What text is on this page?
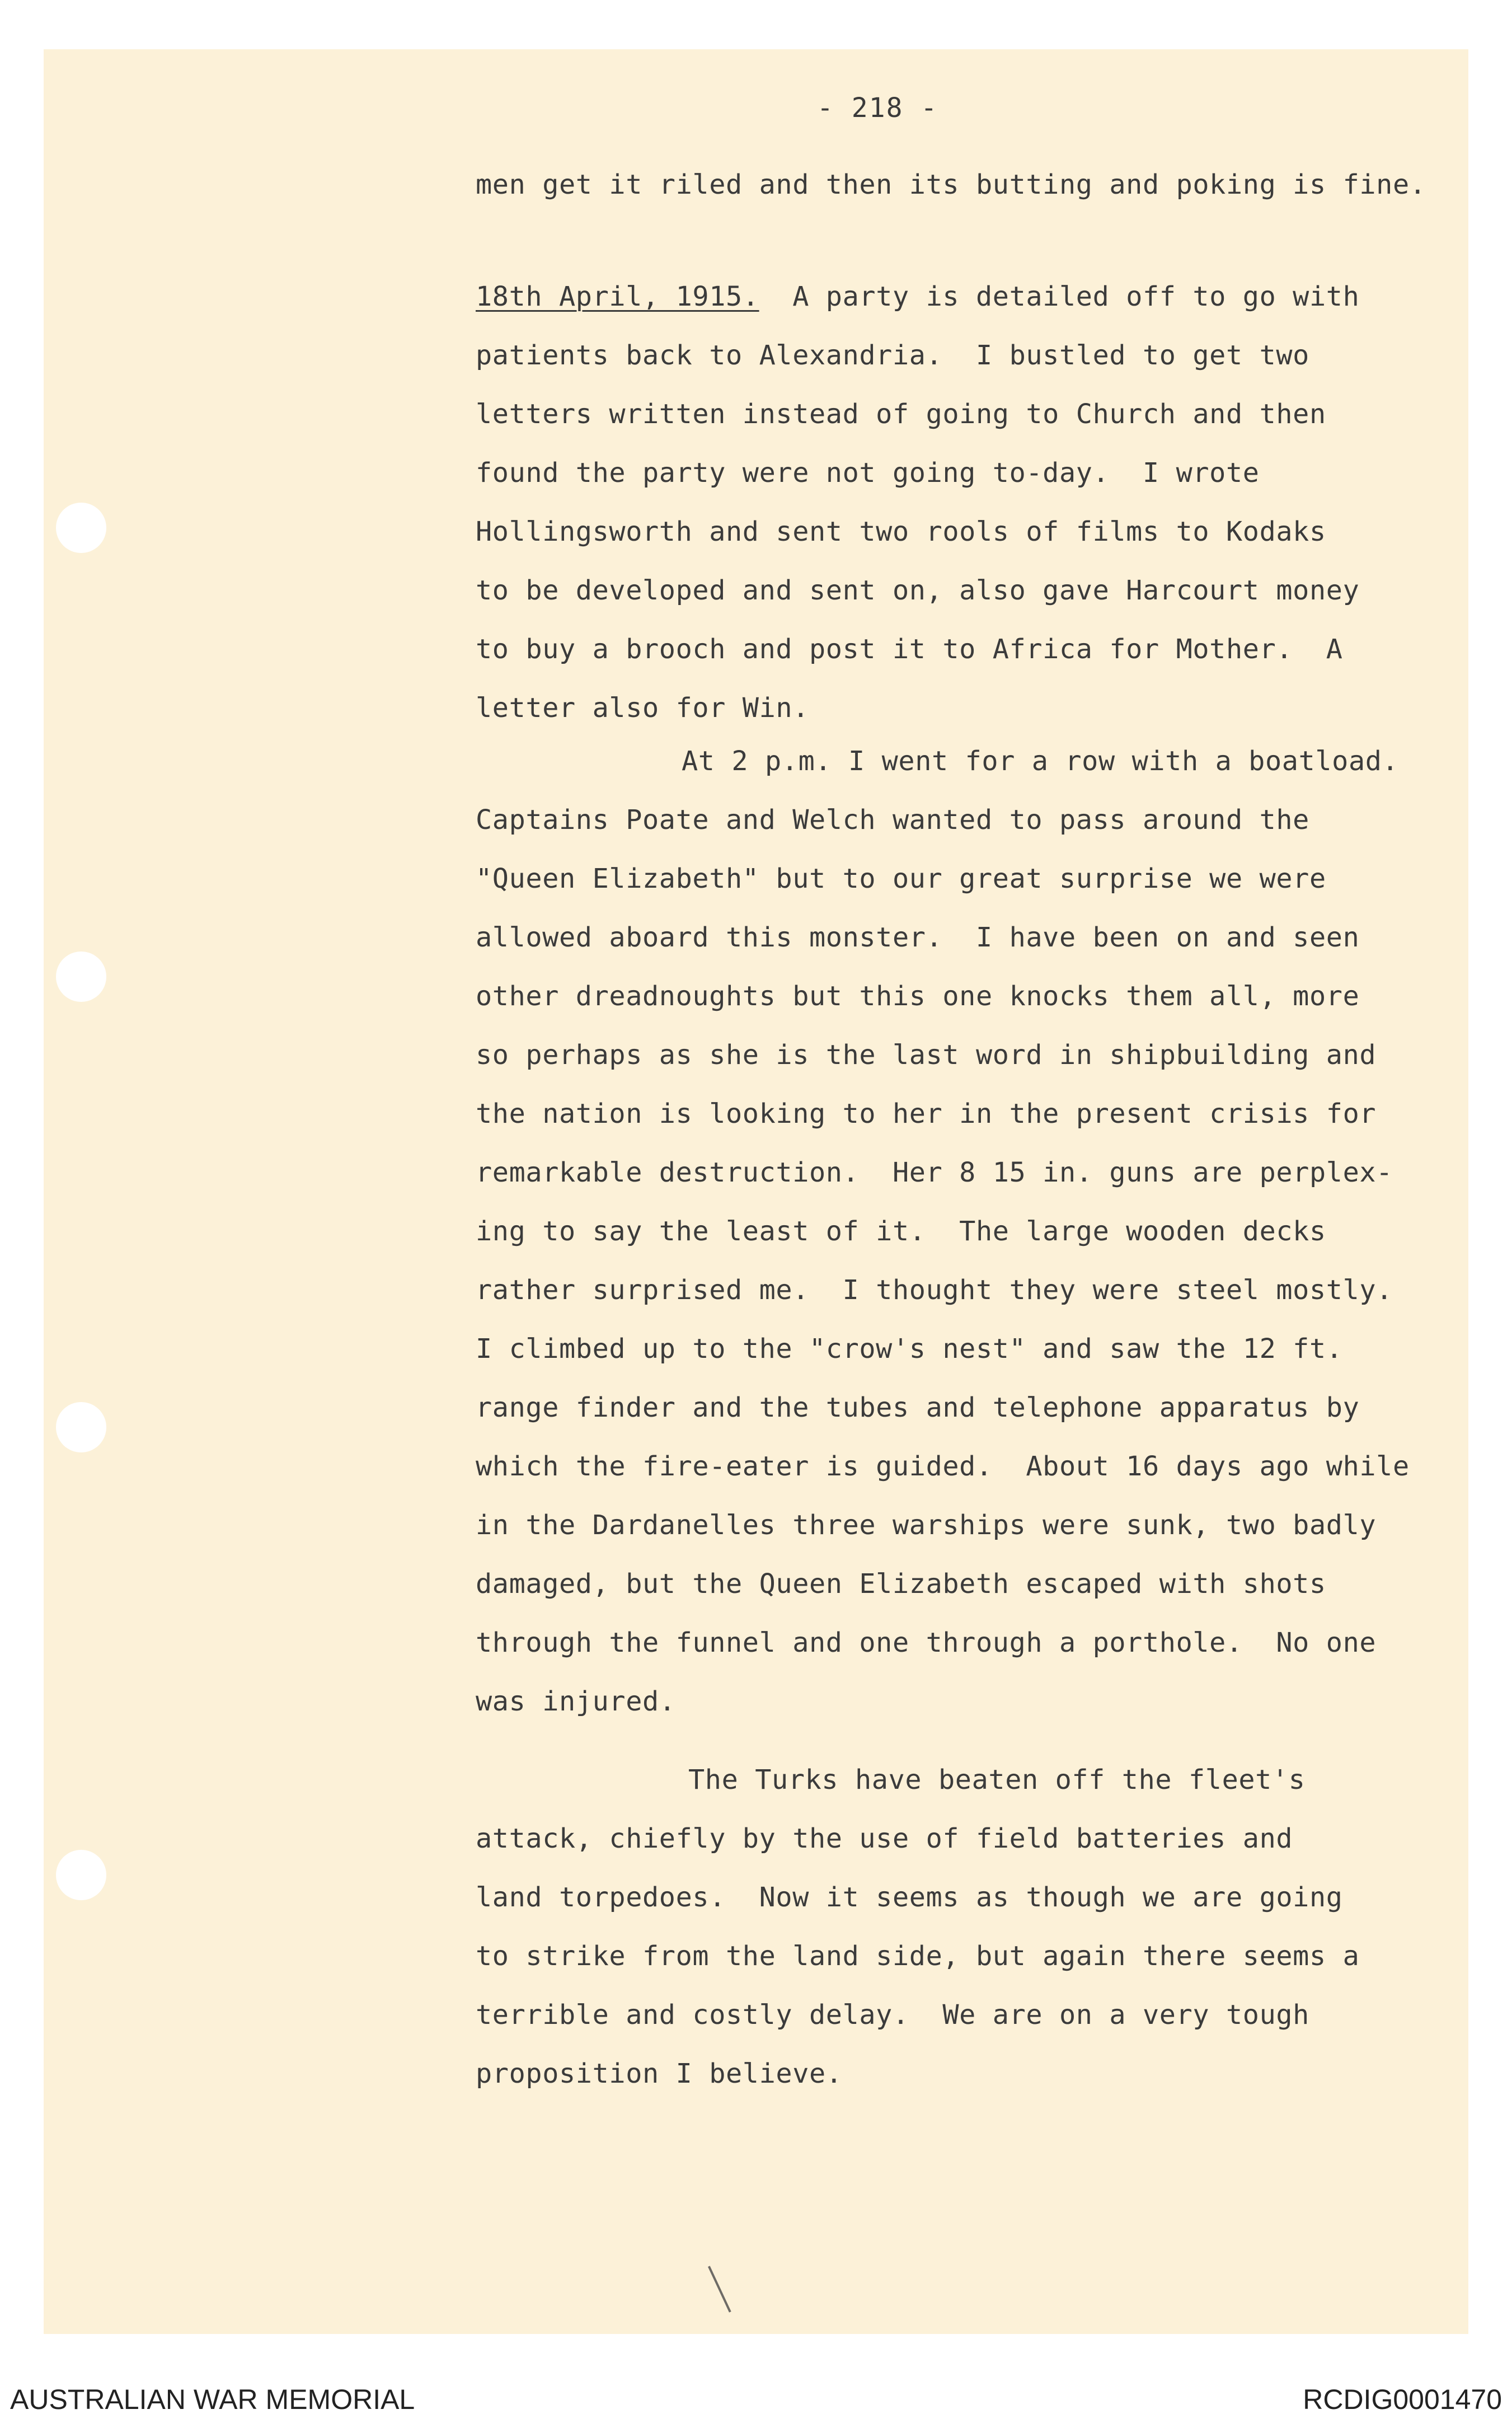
- 218 -
men get it riled and then its butting and poking is fine.
18th April, 1915. A party is detailed off to go with
patients back to Alexandria.  I bustled to get two
letters written instead of going to Church and then
found the party were not going to-day.  I wrote
Hollingsworth and sent two rools of films to Kodaks
to be developed and sent on, also gave Harcourt money
to buy a brooch and post it to Africa for Mother.  A
letter also for Win.
At 2 p.m. I went for a row with a boatload.
Captains Poate and Welch wanted to pass around the
"Queen Elizabeth" but to our great surprise we were
allowed aboard this monster.  I have been on and seen
other dreadnoughts but this one knocks them all, more
so perhaps as she is the last word in shipbuilding and
the nation is looking to her in the present crisis for
remarkable destruction.  Her 8 15 in. guns are perplex-
ing to say the least of it.  The large wooden decks
rather surprised me.  I thought they were steel mostly.
I climbed up to the "crow's nest" and saw the 12 ft.
range finder and the tubes and telephone apparatus by
which the fire-eater is guided.  About 16 days ago while
in the Dardanelles three warships were sunk, two badly
damaged, but the Queen Elizabeth escaped with shots
through the funnel and one through a porthole.  No one
was injured.
The Turks have beaten off the fleet's
attack, chiefly by the use of field batteries and
land torpedoes.  Now it seems as though we are going
to strike from the land side, but again there seems a
terrible and costly delay.  We are on a very tough
proposition I believe.
AUSTRALIAN WAR MEMORIAL	RCDIG0001470
